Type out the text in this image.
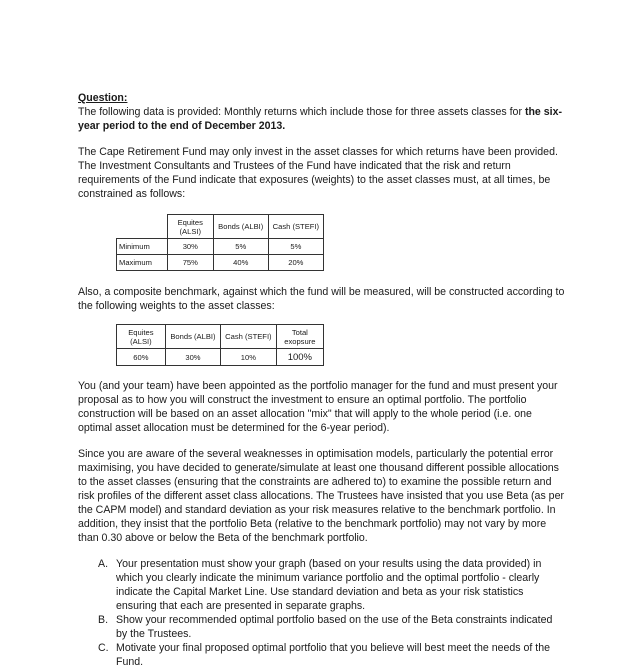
Question:

The following data is provided: Monthly returns which include those for three assets classes for the six-year period to the end of December 2013.

The Cape Retirement Fund may only invest in the asset classes for which returns have been provided. The Investment Consultants and Trustees of the Fund have indicated that the risk and return requirements of the Fund indicate that exposures (weights) to the asset classes must, at all times, be constrained as follows:

	Equites (ALSI)	Bonds (ALBI)	Cash (STEFI)
Minimum	30%	5%	5%
Maximum	75%	40%	20%

Also, a composite benchmark, against which the fund will be measured, will be constructed according to the following weights to the asset classes:

Equites (ALSI)	Bonds (ALBI)	Cash (STEFI)	Total exopsure
60%	30%	10%	100%

You (and your team) have been appointed as the portfolio manager for the fund and must present your proposal as to how you will construct the investment to ensure an optimal portfolio. The portfolio construction will be based on an asset allocation "mix" that will apply to the whole period (i.e. one optimal asset allocation must be determined for the 6-year period).

Since you are aware of the several weaknesses in optimisation models, particularly the potential error maximising, you have decided to generate/simulate at least one thousand different possible allocations to the asset classes (ensuring that the constraints are adhered to) to examine the possible return and risk profiles of the different asset class allocations. The Trustees have insisted that you use Beta (as per the CAPM model) and standard deviation as your risk measures relative to the benchmark portfolio. In addition, they insist that the portfolio Beta (relative to the benchmark portfolio) may not vary by more than 0.30 above or below the Beta of the benchmark portfolio.

A. Your presentation must show your graph (based on your results using the data provided) in which you clearly indicate the minimum variance portfolio and the optimal portfolio - clearly indicate the Capital Market Line. Use standard deviation and beta as your risk statistics ensuring that each are presented in separate graphs.
B. Show your recommended optimal portfolio based on the use of the Beta constraints indicated by the Trustees.
C. Motivate your final proposed optimal portfolio that you believe will best meet the needs of the Fund.
